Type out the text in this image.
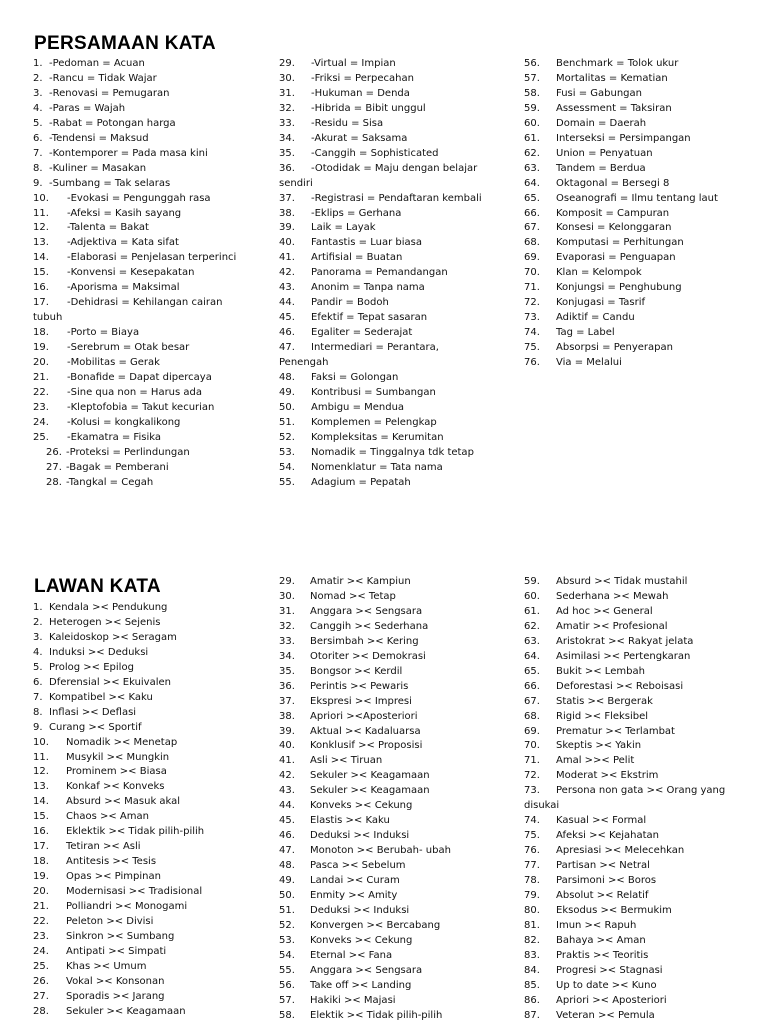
PERSAMAAN KATA
1. -Pedoman = Acuan
2. -Rancu = Tidak Wajar
3. -Renovasi = Pemugaran
4. -Paras = Wajah
5. -Rabat = Potongan harga
6. -Tendensi = Maksud
7. -Kontemporer = Pada masa kini
8. -Kuliner = Masakan
9. -Sumbang = Tak selaras
10. -Evokasi = Pengunggah rasa
11. -Afeksi = Kasih sayang
12. -Talenta = Bakat
13. -Adjektiva = Kata sifat
14. -Elaborasi = Penjelasan terperinci
15. -Konvensi = Kesepakatan
16. -Aporisma = Maksimal
17. -Dehidrasi = Kehilangan cairan tubuh
18. -Porto = Biaya
19. -Serebrum = Otak besar
20. -Mobilitas = Gerak
21. -Bonafide = Dapat dipercaya
22. -Sine qua non = Harus ada
23. -Kleptofobia = Takut kecurian
24. -Kolusi = kongkalikong
25. -Ekamatra = Fisika
26. -Proteksi = Perlindungan
27. -Bagak = Pemberani
28. -Tangkal = Cegah
29. -Virtual = Impian
30. -Friksi = Perpecahan
31. -Hukuman = Denda
32. -Hibrida = Bibit unggul
33. -Residu = Sisa
34. -Akurat = Saksama
35. -Canggih = Sophisticated
36. -Otodidak = Maju dengan belajar sendiri
37. -Registrasi = Pendaftaran kembali
38. -Eklips = Gerhana
39. Laik = Layak
40. Fantastis = Luar biasa
41. Artifisial = Buatan
42. Panorama = Pemandangan
43. Anonim = Tanpa nama
44. Pandir = Bodoh
45. Efektif = Tepat sasaran
46. Egaliter = Sederajat
47. Intermediari = Perantara, Penengah
48. Faksi = Golongan
49. Kontribusi = Sumbangan
50. Ambigu = Mendua
51. Komplemen = Pelengkap
52. Kompleksitas = Kerumitan
53. Nomadik = Tinggalnya tdk tetap
54. Nomenklatur = Tata nama
55. Adagium = Pepatah
56. Benchmark = Tolok ukur
57. Mortalitas = Kematian
58. Fusi = Gabungan
59. Assessment = Taksiran
60. Domain = Daerah
61. Interseksi = Persimpangan
62. Union = Penyatuan
63. Tandem = Berdua
64. Oktagonal = Bersegi 8
65. Oseanografi = Ilmu tentang laut
66. Komposit = Campuran
67. Konsesi = Kelonggaran
68. Komputasi = Perhitungan
69. Evaporasi = Penguapan
70. Klan = Kelompok
71. Konjungsi = Penghubung
72. Konjugasi = Tasrif
73. Adiktif = Candu
74. Tag = Label
75. Absorpsi = Penyerapan
76. Via = Melalui
LAWAN KATA
1. Kendala >< Pendukung
2. Heterogen >< Sejenis
3. Kaleidoskop >< Seragam
4. Induksi >< Deduksi
5. Prolog >< Epilog
6. Dferensial >< Ekuivalen
7. Kompatibel >< Kaku
8. Inflasi >< Deflasi
9. Curang >< Sportif
10. Nomadik >< Menetap
11. Musykil >< Mungkin
12. Prominem >< Biasa
13. Konkaf >< Konveks
14. Absurd >< Masuk akal
15. Chaos >< Aman
16. Eklektik >< Tidak pilih-pilih
17. Tetiran >< Asli
18. Antitesis >< Tesis
19. Opas >< Pimpinan
20. Modernisasi >< Tradisional
21. Polliandri >< Monogami
22. Peleton >< Divisi
23. Sinkron >< Sumbang
24. Antipati >< Simpati
25. Khas >< Umum
26. Vokal >< Konsonan
27. Sporadis >< Jarang
28. Sekuler >< Keagamaan
29. Amatir >< Kampiun
30. Nomad >< Tetap
31. Anggara >< Sengsara
32. Canggih >< Sederhana
33. Bersimbah >< Kering
34. Otoriter >< Demokrasi
35. Bongsor >< Kerdil
36. Perintis >< Pewaris
37. Ekspresi >< Impresi
38. Apriori ><Aposteriori
39. Aktual >< Kadaluarsa
40. Konklusif >< Proposisi
41. Asli >< Tiruan
42. Sekuler >< Keagamaan
43. Sekuler >< Keagamaan
44. Konveks >< Cekung
45. Elastis >< Kaku
46. Deduksi >< Induksi
47. Monoton >< Berubah- ubah
48. Pasca >< Sebelum
49. Landai >< Curam
50. Enmity >< Amity
51. Deduksi >< Induksi
52. Konvergen >< Bercabang
53. Konveks >< Cekung
54. Eternal >< Fana
55. Anggara >< Sengsara
56. Take off >< Landing
57. Hakiki >< Majasi
58. Elektik >< Tidak pilih-pilih
59. Absurd >< Tidak mustahil
60. Sederhana >< Mewah
61. Ad hoc >< General
62. Amatir >< Profesional
63. Aristokrat >< Rakyat jelata
64. Asimilasi >< Pertengkaran
65. Bukit >< Lembah
66. Deforestasi >< Reboisasi
67. Statis >< Bergerak
68. Rigid >< Fleksibel
69. Prematur >< Terlambat
70. Skeptis >< Yakin
71. Amal >>< Pelit
72. Moderat >< Ekstrim
73. Persona non gata >< Orang yang disukai
74. Kasual >< Formal
75. Afeksi >< Kejahatan
76. Apresiasi >< Melecehkan
77. Partisan >< Netral
78. Parsimoni >< Boros
79. Absolut >< Relatif
80. Eksodus >< Bermukim
81. Imun >< Rapuh
82. Bahaya >< Aman
83. Praktis >< Teoritis
84. Progresi >< Stagnasi
85. Up to date >< Kuno
86. Apriori >< Aposteriori
87. Veteran >< Pemula
